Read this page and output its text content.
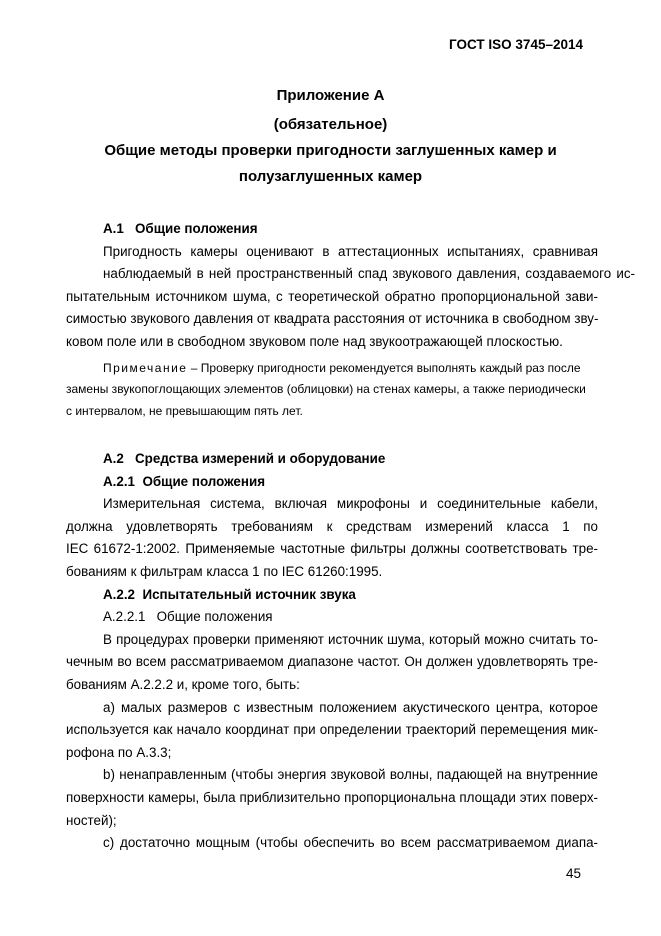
ГОСТ ISO 3745–2014
Приложение А
(обязательное)
Общие методы проверки пригодности заглушенных камер и
полузаглушенных камер

А.1 Общие положения

Пригодность камеры оценивают в аттестационных испытаниях, сравнивая
наблюдаемый в ней пространственный спад звукового давления, создаваемого ис-
пытательным источником шума, с теоретической обратно пропорциональной зави-
симостью звукового давления от квадрата расстояния от источника в свободном зву-
ковом поле или в свободном звуковом поле над звукоотражающей плоскостью.
Примечание – Проверку пригодности рекомендуется выполнять каждый раз после
замены звукопоглощающих элементов (облицовки) на стенах камеры, а также периодически
с интервалом, не превышающим пять лет.

А.2 Средства измерений и оборудование

А.2.1 Общие положения

Измерительная система, включая микрофоны и соединительные кабели,
должна удовлетворять требованиям к средствам измерений класса 1 по
IEC 61672-1:2002. Применяемые частотные фильтры должны соответствовать тре-
бованиям к фильтрам класса 1 по IEC 61260:1995.

А.2.2 Испытательный источник звука

А.2.2.1 Общие положения

В процедурах проверки применяют источник шума, который можно считать то-
чечным во всем рассматриваемом диапазоне частот. Он должен удовлетворять тре-
бованиям А.2.2.2 и, кроме того, быть:
a) малых размеров с известным положением акустического центра, которое
используется как начало координат при определении траекторий перемещения мик-
рофона по А.3.3;
b) ненаправленным (чтобы энергия звуковой волны, падающей на внутренние
поверхности камеры, была приблизительно пропорциональна площади этих поверх-
ностей);
c) достаточно мощным (чтобы обеспечить во всем рассматриваемом диапа-
45
